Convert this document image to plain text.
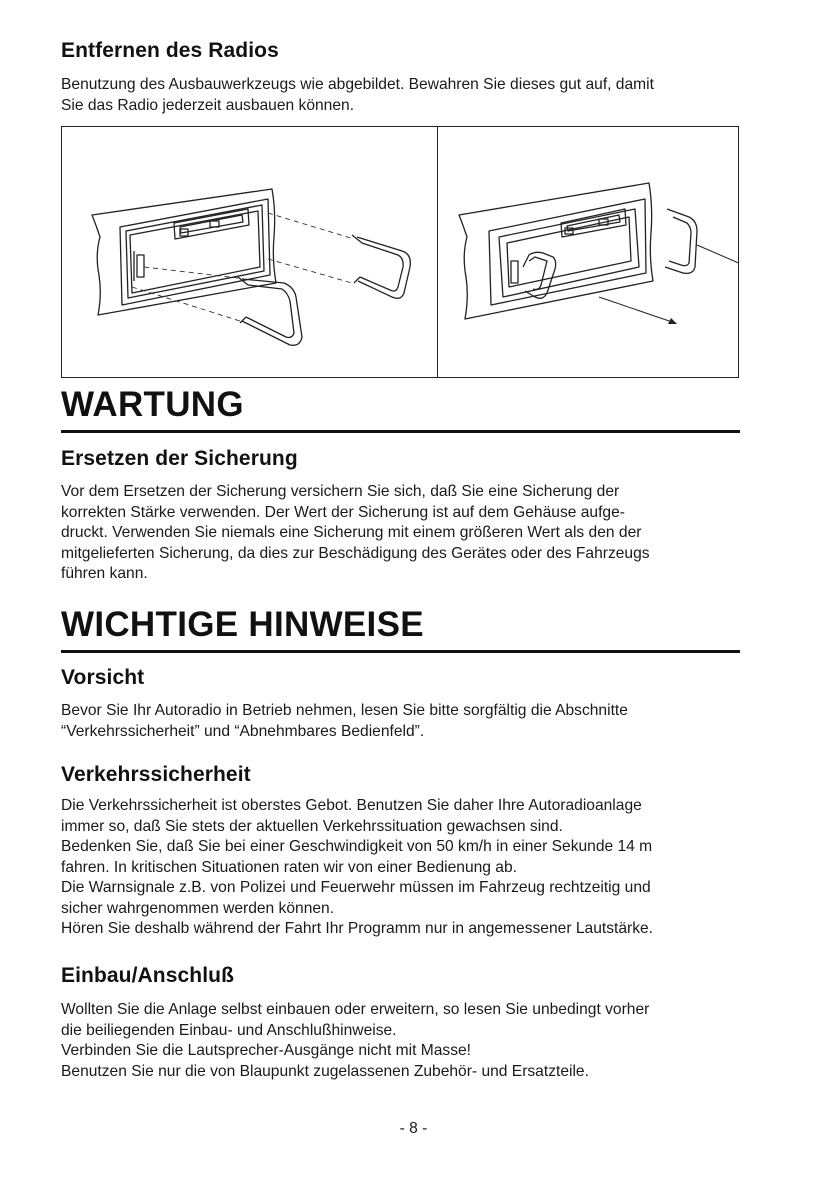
Entfernen des Radios

Benutzung des Ausbauwerkzeugs wie abgebildet. Bewahren Sie dieses gut auf, damit
Sie das Radio jederzeit ausbauen können.

WARTUNG
Ersetzen der Sicherung

Vor dem Ersetzen der Sicherung versichern Sie sich, daß Sie eine Sicherung der
korrekten Stärke verwenden. Der Wert der Sicherung ist auf dem Gehäuse aufge-
druckt. Verwenden Sie niemals eine Sicherung mit einem größeren Wert als den der
mitgelieferten Sicherung, da dies zur Beschädigung des Gerätes oder des Fahrzeugs
führen kann.

WICHTIGE HINWEISE
Vorsicht

Bevor Sie Ihr Autoradio in Betrieb nehmen, lesen Sie bitte sorgfältig die Abschnitte
“Verkehrssicherheit” und “Abnehmbares Bedienfeld”.

Verkehrssicherheit

Die Verkehrssicherheit ist oberstes Gebot. Benutzen Sie daher Ihre Autoradioanlage
immer so, daß Sie stets der aktuellen Verkehrssituation gewachsen sind.
Bedenken Sie, daß Sie bei einer Geschwindigkeit von 50 km/h in einer Sekunde 14 m
fahren. In kritischen Situationen raten wir von einer Bedienung ab.
Die Warnsignale z.B. von Polizei und Feuerwehr müssen im Fahrzeug rechtzeitig und
sicher wahrgenommen werden können.
Hören Sie deshalb während der Fahrt Ihr Programm nur in angemessener Lautstärke.

Einbau/Anschluß

Wollten Sie die Anlage selbst einbauen oder erweitern, so lesen Sie unbedingt vorher
die beiliegenden Einbau- und Anschlußhinweise.
Verbinden Sie die Lautsprecher-Ausgänge nicht mit Masse!
Benutzen Sie nur die von Blaupunkt zugelassenen Zubehör- und Ersatzteile.

- 8 -
